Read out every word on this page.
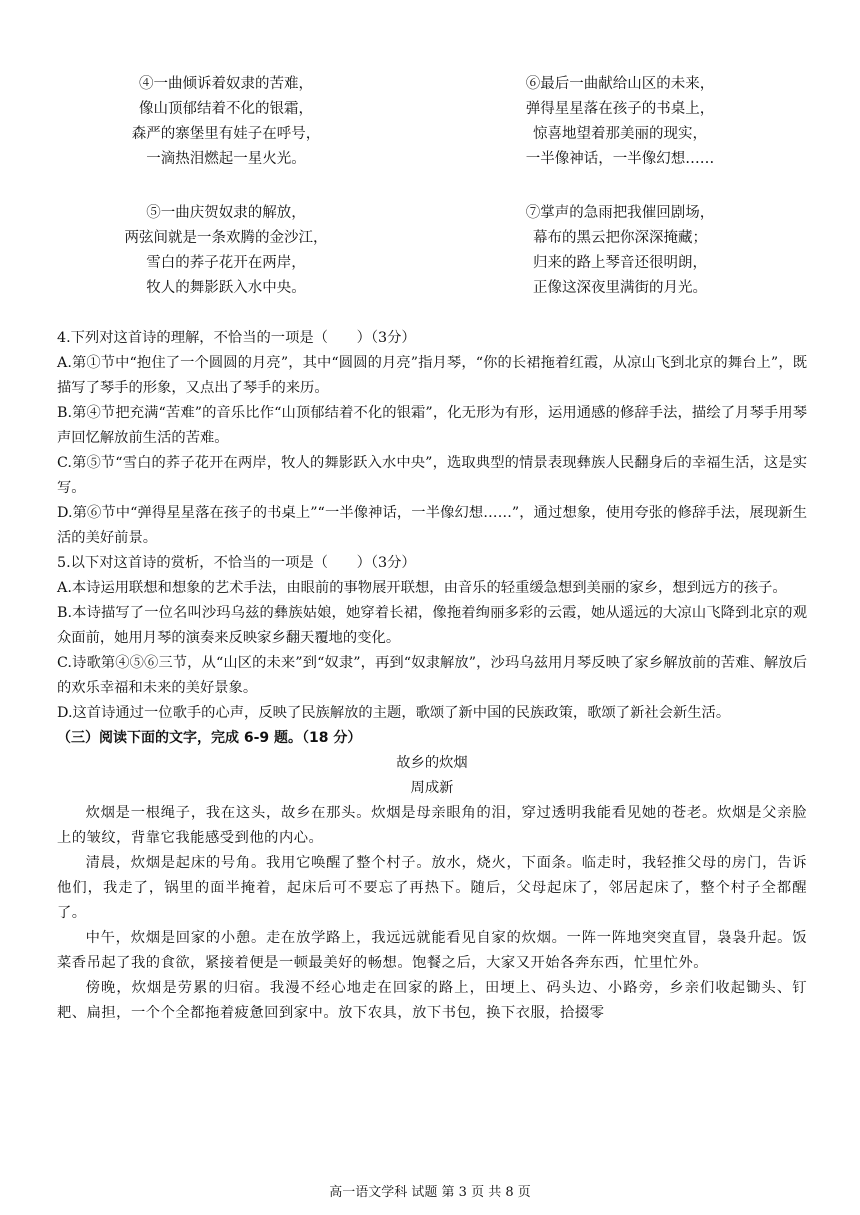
④一曲倾诉着奴隶的苦难，
像山顶郁结着不化的银霜，
森严的寨堡里有娃子在呼号，
一滴热泪燃起一星火光。
⑥最后一曲献给山区的未来，
弹得星星落在孩子的书桌上，
惊喜地望着那美丽的现实，
一半像神话，一半像幻想……
⑤一曲庆贺奴隶的解放，
两弦间就是一条欢腾的金沙江，
雪白的荞子花开在两岸，
牧人的舞影跃入水中央。
⑦掌声的急雨把我催回剧场，
幕布的黑云把你深深掩藏；
归来的路上琴音还很明朗，
正像这深夜里满街的月光。

4.下列对这首诗的理解，不恰当的一项是（　　）（3分）

A.第①节中“抱住了一个圆圆的月亮”，其中“圆圆的月亮”指月琴，“你的长裙拖着红霞，从凉山飞到北京的舞台上”，既描写了琴手的形象，又点出了琴手的来历。

B.第④节把充满“苦难”的音乐比作“山顶郁结着不化的银霜”，化无形为有形，运用通感的修辞手法，描绘了月琴手用琴声回忆解放前生活的苦难。

C.第⑤节“雪白的荞子花开在两岸，牧人的舞影跃入水中央”，选取典型的情景表现彝族人民翻身后的幸福生活，这是实写。

D.第⑥节中“弹得星星落在孩子的书桌上”“一半像神话，一半像幻想……”，通过想象，使用夸张的修辞手法，展现新生活的美好前景。

5.以下对这首诗的赏析，不恰当的一项是（　　）（3分）

A.本诗运用联想和想象的艺术手法，由眼前的事物展开联想，由音乐的轻重缓急想到美丽的家乡，想到远方的孩子。

B.本诗描写了一位名叫沙玛乌兹的彝族姑娘，她穿着长裙，像拖着绚丽多彩的云霞，她从遥远的大凉山飞降到北京的观众面前，她用月琴的演奏来反映家乡翻天覆地的变化。

C.诗歌第④⑤⑥三节，从“山区的未来”到“奴隶”，再到“奴隶解放”，沙玛乌兹用月琴反映了家乡解放前的苦难、解放后的欢乐幸福和未来的美好景象。

D.这首诗通过一位歌手的心声，反映了民族解放的主题，歌颂了新中国的民族政策，歌颂了新社会新生活。

（三）阅读下面的文字，完成 6-9 题。（18 分）

故乡的炊烟

周成新

炊烟是一根绳子，我在这头，故乡在那头。炊烟是母亲眼角的泪，穿过透明我能看见她的苍老。炊烟是父亲脸上的皱纹，背靠它我能感受到他的内心。

清晨，炊烟是起床的号角。我用它唤醒了整个村子。放水，烧火，下面条。临走时，我轻推父母的房门，告诉他们，我走了，锅里的面半掩着，起床后可不要忘了再热下。随后，父母起床了，邻居起床了，整个村子全都醒了。

中午，炊烟是回家的小憩。走在放学路上，我远远就能看见自家的炊烟。一阵一阵地突突直冒，袅袅升起。饭菜香吊起了我的食欲，紧接着便是一顿最美好的畅想。饱餐之后，大家又开始各奔东西，忙里忙外。

傍晚，炊烟是劳累的归宿。我漫不经心地走在回家的路上，田埂上、码头边、小路旁，乡亲们收起锄头、钉耙、扁担，一个个全都拖着疲惫回到家中。放下农具，放下书包，换下衣服，拾掇零

高一语文学科 试题 第 3 页 共 8 页
